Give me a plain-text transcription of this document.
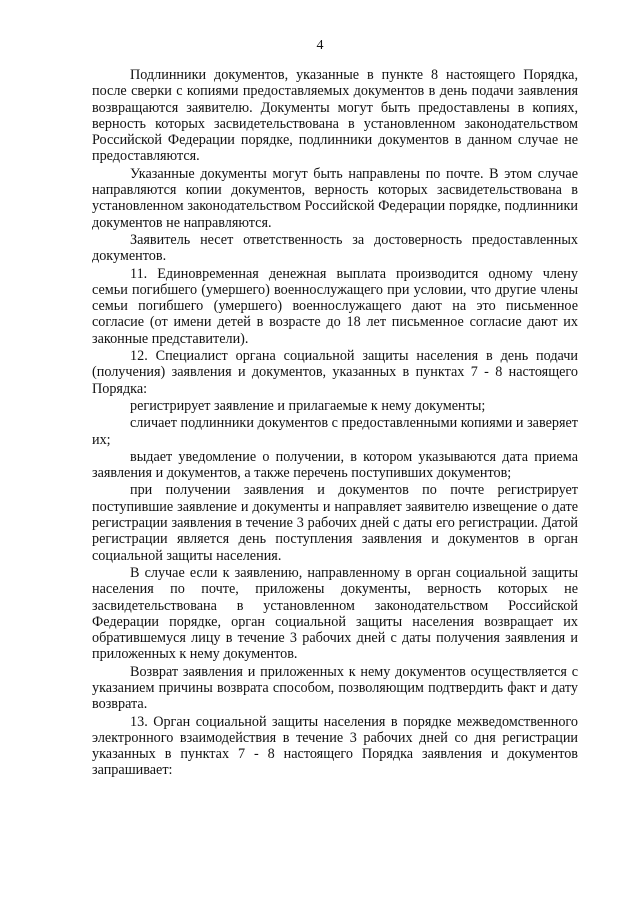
4

Подлинники документов, указанные в пункте 8 настоящего Порядка, после сверки с копиями предоставляемых документов в день подачи заявления возвращаются заявителю. Документы могут быть предоставлены в копиях, верность которых засвидетельствована в установленном законодательством Российской Федерации порядке, подлинники документов в данном случае не предоставляются.

Указанные документы могут быть направлены по почте. В этом случае направляются копии документов, верность которых засвидетельствована в установленном законодательством Российской Федерации порядке, подлинники документов не направляются.

Заявитель несет ответственность за достоверность предоставленных документов.

11. Единовременная денежная выплата производится одному члену семьи погибшего (умершего) военнослужащего при условии, что другие члены семьи погибшего (умершего) военнослужащего дают на это письменное согласие (от имени детей в возрасте до 18 лет письменное согласие дают их законные представители).

12. Специалист органа социальной защиты населения в день подачи (получения) заявления и документов, указанных в пунктах 7 - 8 настоящего Порядка:

регистрирует заявление и прилагаемые к нему документы;

сличает подлинники документов с предоставленными копиями и заверяет их;

выдает уведомление о получении, в котором указываются дата приема заявления и документов, а также перечень поступивших документов;

при получении заявления и документов по почте регистрирует поступившие заявление и документы и направляет заявителю извещение о дате регистрации заявления в течение 3 рабочих дней с даты его регистрации. Датой регистрации является день поступления заявления и документов в орган социальной защиты населения.

В случае если к заявлению, направленному в орган социальной защиты населения по почте, приложены документы, верность которых не засвидетельствована в установленном законодательством Российской Федерации порядке, орган социальной защиты населения возвращает их обратившемуся лицу в течение 3 рабочих дней с даты получения заявления и приложенных к нему документов.

Возврат заявления и приложенных к нему документов осуществляется с указанием причины возврата способом, позволяющим подтвердить факт и дату возврата.

13. Орган социальной защиты населения в порядке межведомственного электронного взаимодействия в течение 3 рабочих дней со дня регистрации указанных в пунктах 7 - 8 настоящего Порядка заявления и документов запрашивает:
